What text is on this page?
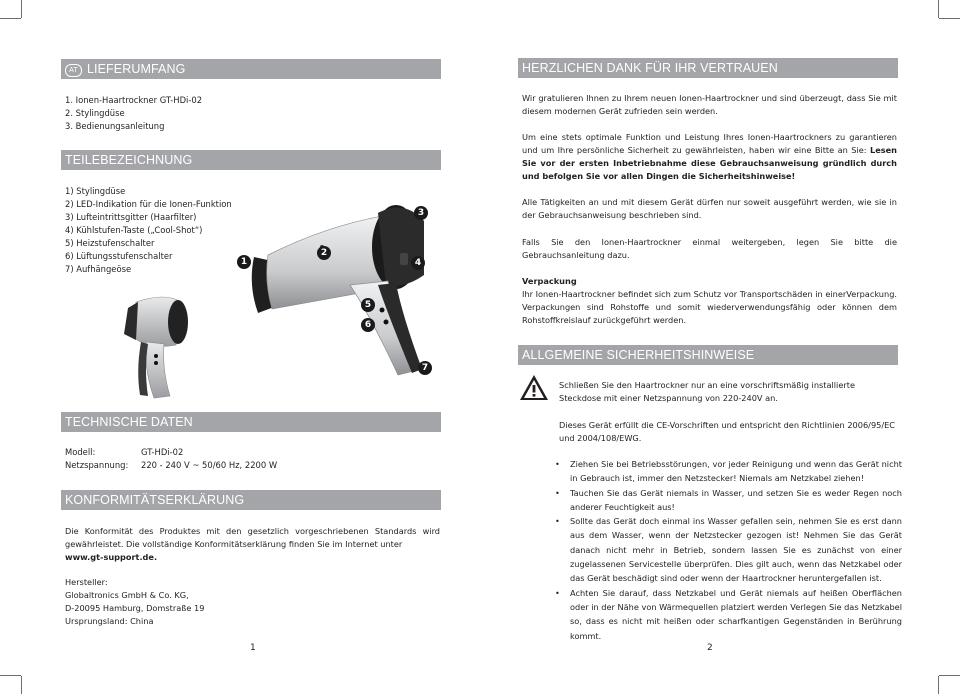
AT LIEFERUMFANG
1. Ionen-Haartrockner GT-HDi-02
2. Stylingdüse
3. Bedienungsanleitung
TEILEBEZEICHNUNG
1) Stylingdüse
2) LED-Indikation für die Ionen-Funktion
3) Lufteintrittsgitter (Haarfilter)
4) Kühlstufen-Taste („Cool-Shot“)
5) Heizstufenschalter
6) Lüftungsstufenschalter
7) Aufhängeöse
1
2
3
4
5
6
7
TECHNISCHE DATEN
Modell:	GT-HDi-02
Netzspannung: 220 - 240 V ~ 50/60 Hz, 2200 W
KONFORMITÄTSERKLÄRUNG
Die Konformität des Produktes mit den gesetzlich vorgeschriebenen Standards wird gewährleistet. Die vollständige Konformitätserklärung finden Sie im Internet unter
www.gt-support.de.
Hersteller:
Globaltronics GmbH & Co. KG,
D-20095 Hamburg, Domstraße 19
Ursprungsland: China
1
HERZLICHEN DANK FÜR IHR VERTRAUEN
Wir gratulieren Ihnen zu Ihrem neuen Ionen-Haartrockner und sind überzeugt, dass Sie mit diesem modernen Gerät zufrieden sein werden.
Um eine stets optimale Funktion und Leistung Ihres Ionen-Haartrockners zu garantieren und um Ihre persönliche Sicherheit zu gewährleisten, haben wir eine Bitte an Sie: Lesen Sie vor der ersten Inbetriebnahme diese Gebrauchsanweisung gründlich durch und befolgen Sie vor allen Dingen die Sicherheitshinweise!
Alle Tätigkeiten an und mit diesem Gerät dürfen nur soweit ausgeführt werden, wie sie in der Gebrauchsanweisung beschrieben sind.
Falls Sie den Ionen-Haartrockner einmal weitergeben, legen Sie bitte die Gebrauchsanleitung dazu.
Verpackung
Ihr Ionen-Haartrockner befindet sich zum Schutz vor Transportschäden in einerVerpackung. Verpackungen sind Rohstoffe und somit wiederverwendungsfähig oder können dem Rohstoffkreislauf zurückgeführt werden.
ALLGEMEINE SICHERHEITSHINWEISE
Schließen Sie den Haartrockner nur an eine vorschriftsmäßig installierte Steckdose mit einer Netzspannung von 220-240V an.
Dieses Gerät erfüllt die CE-Vorschriften und entspricht den Richtlinien 2006/95/EC und 2004/108/EWG.
• Ziehen Sie bei Betriebsstörungen, vor jeder Reinigung und wenn das Gerät nicht in Gebrauch ist, immer den Netzstecker! Niemals am Netzkabel ziehen!
• Tauchen Sie das Gerät niemals in Wasser, und setzen Sie es weder Regen noch anderer Feuchtigkeit aus!
• Sollte das Gerät doch einmal ins Wasser gefallen sein, nehmen Sie es erst dann aus dem Wasser, wenn der Netzstecker gezogen ist! Nehmen Sie das Gerät danach nicht mehr in Betrieb, sondern lassen Sie es zunächst von einer zugelassenen Servicestelle überprüfen. Dies gilt auch, wenn das Netzkabel oder das Gerät beschädigt sind oder wenn der Haartrockner heruntergefallen ist.
• Achten Sie darauf, dass Netzkabel und Gerät niemals auf heißen Oberflächen oder in der Nähe von Wärmequellen platziert werden Verlegen Sie das Netzkabel so, dass es nicht mit heißen oder scharfkantigen Gegenständen in Berührung kommt.
2
